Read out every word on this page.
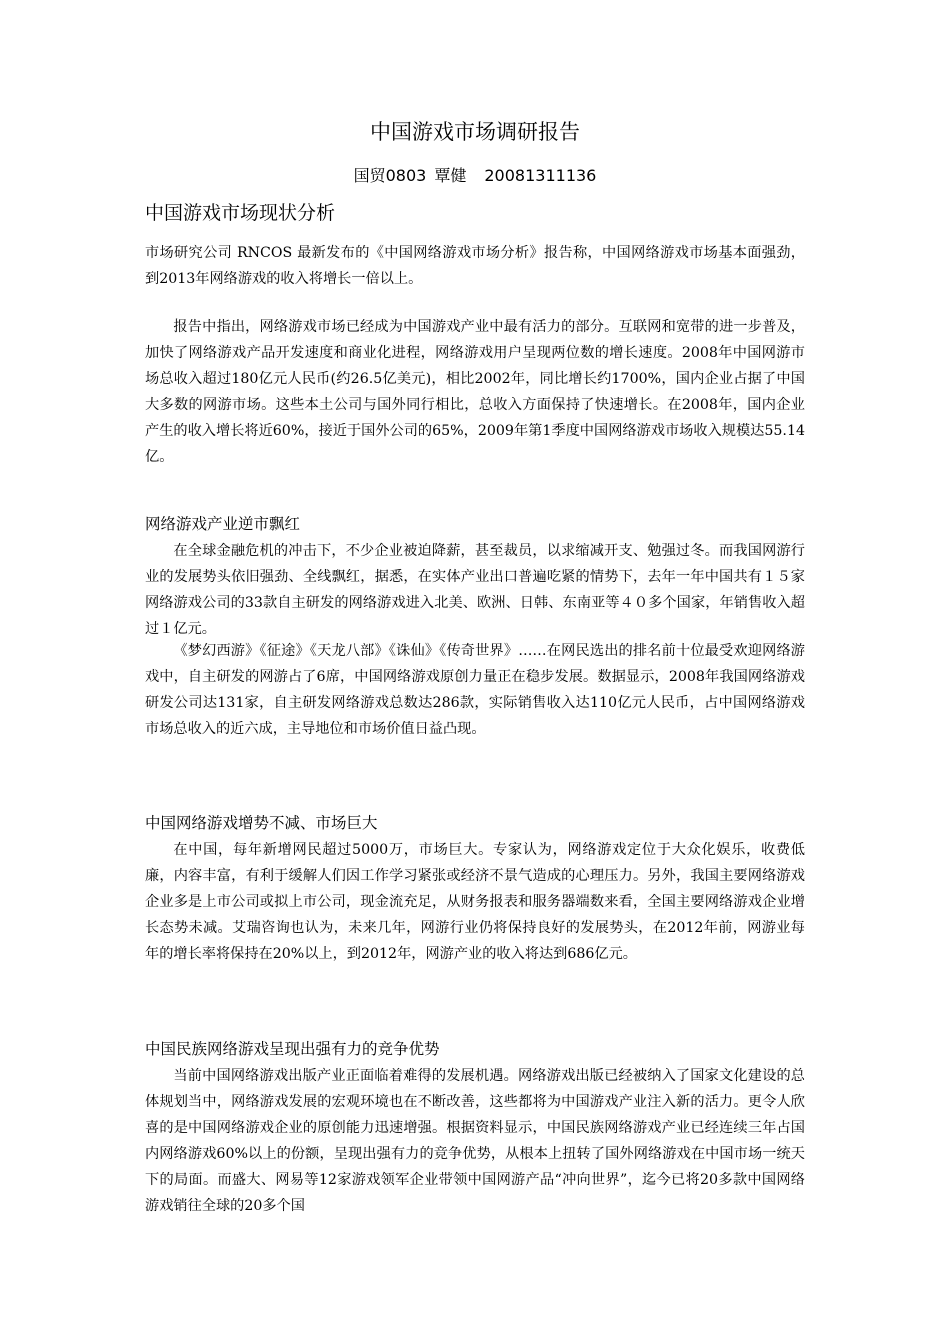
中国游戏市场调研报告
国贸0803 覃健 20081311136
中国游戏市场现状分析

市场研究公司 RNCOS 最新发布的《中国网络游戏市场分析》报告称，中国网络游戏市场基本面强劲，到2013年网络游戏的收入将增长一倍以上。

报告中指出，网络游戏市场已经成为中国游戏产业中最有活力的部分。互联网和宽带的进一步普及，加快了网络游戏产品开发速度和商业化进程，网络游戏用户呈现两位数的增长速度。2008年中国网游市场总收入超过180亿元人民币(约26.5亿美元)，相比2002年，同比增长约1700%，国内企业占据了中国大多数的网游市场。这些本土公司与国外同行相比，总收入方面保持了快速增长。在2008年，国内企业产生的收入增长将近60%，接近于国外公司的65%，2009年第1季度中国网络游戏市场收入规模达55.14亿。

网络游戏产业逆市飘红

在全球金融危机的冲击下，不少企业被迫降薪，甚至裁员，以求缩减开支、勉强过冬。而我国网游行业的发展势头依旧强劲、全线飘红，据悉，在实体产业出口普遍吃紧的情势下，去年一年中国共有１５家网络游戏公司的33款自主研发的网络游戏进入北美、欧洲、日韩、东南亚等４０多个国家，年销售收入超过１亿元。

《梦幻西游》《征途》《天龙八部》《诛仙》《传奇世界》……在网民选出的排名前十位最受欢迎网络游戏中，自主研发的网游占了6席，中国网络游戏原创力量正在稳步发展。数据显示，2008年我国网络游戏研发公司达131家，自主研发网络游戏总数达286款，实际销售收入达110亿元人民币，占中国网络游戏市场总收入的近六成，主导地位和市场价值日益凸现。

中国网络游戏增势不减、市场巨大

在中国，每年新增网民超过5000万，市场巨大。专家认为，网络游戏定位于大众化娱乐，收费低廉，内容丰富，有利于缓解人们因工作学习紧张或经济不景气造成的心理压力。另外，我国主要网络游戏企业多是上市公司或拟上市公司，现金流充足，从财务报表和服务器端数来看，全国主要网络游戏企业增长态势未减。艾瑞咨询也认为，未来几年，网游行业仍将保持良好的发展势头，在2012年前，网游业每年的增长率将保持在20%以上，到2012年，网游产业的收入将达到686亿元。

中国民族网络游戏呈现出强有力的竞争优势

当前中国网络游戏出版产业正面临着难得的发展机遇。网络游戏出版已经被纳入了国家文化建设的总体规划当中，网络游戏发展的宏观环境也在不断改善，这些都将为中国游戏产业注入新的活力。更令人欣喜的是中国网络游戏企业的原创能力迅速增强。根据资料显示，中国民族网络游戏产业已经连续三年占国内网络游戏60%以上的份额，呈现出强有力的竞争优势，从根本上扭转了国外网络游戏在中国市场一统天下的局面。而盛大、网易等12家游戏领军企业带领中国网游产品“冲向世界”，迄今已将20多款中国网络游戏销往全球的20多个国
